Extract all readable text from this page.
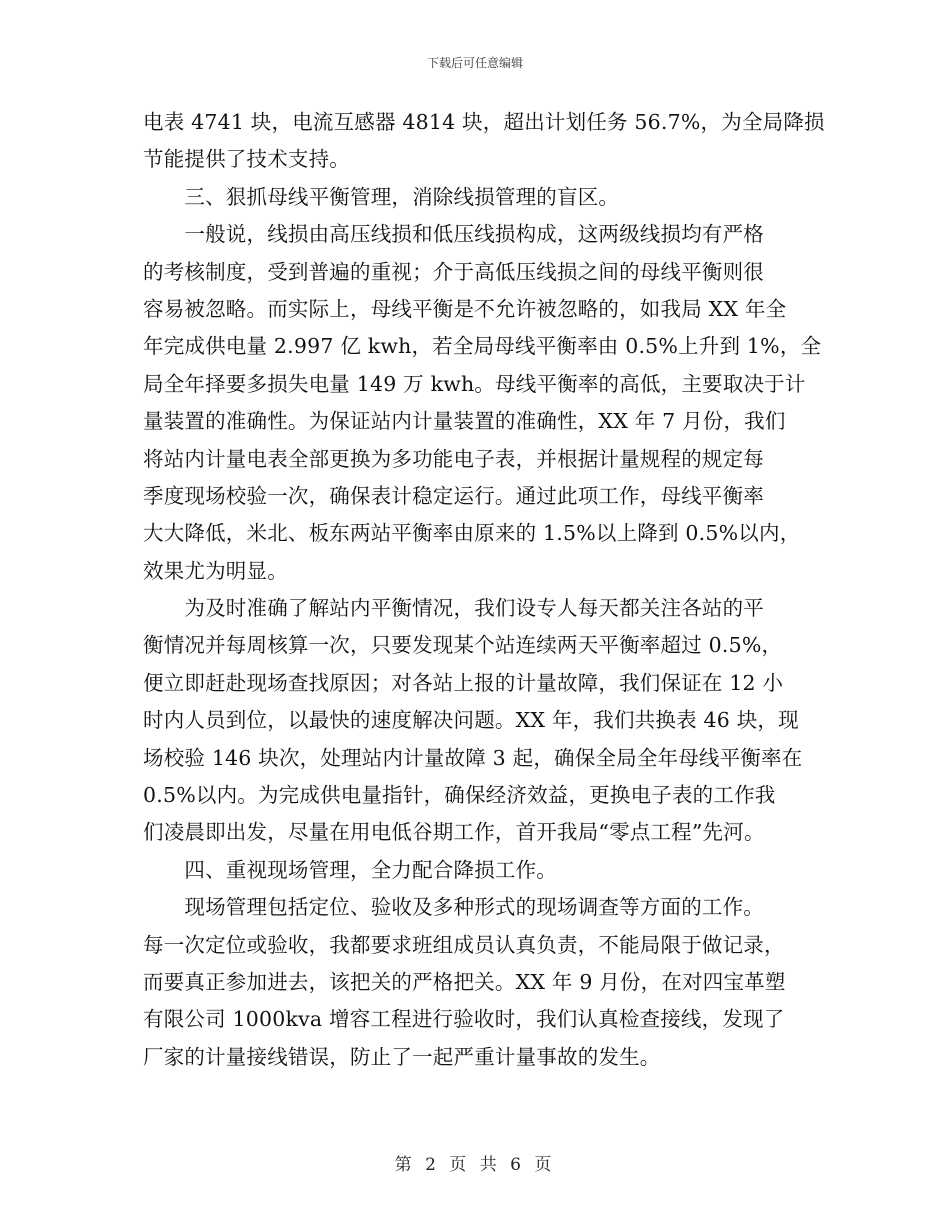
下载后可任意编辑
电表 4741 块，电流互感器 4814 块，超出计划任务 56.7%，为全局降损
节能提供了技术支持。
　　三、狠抓母线平衡管理，消除线损管理的盲区。
　　一般说，线损由高压线损和低压线损构成，这两级线损均有严格
的考核制度，受到普遍的重视；介于高低压线损之间的母线平衡则很
容易被忽略。而实际上，母线平衡是不允许被忽略的，如我局 XX 年全
年完成供电量 2.997 亿 kwh，若全局母线平衡率由 0.5%上升到 1%，全
局全年择要多损失电量 149 万 kwh。母线平衡率的高低，主要取决于计
量装置的准确性。为保证站内计量装置的准确性，XX 年 7 月份，我们
将站内计量电表全部更换为多功能电子表，并根据计量规程的规定每
季度现场校验一次，确保表计稳定运行。通过此项工作，母线平衡率
大大降低，米北、板东两站平衡率由原来的 1.5%以上降到 0.5%以内，
效果尤为明显。
　　为及时准确了解站内平衡情况，我们设专人每天都关注各站的平
衡情况并每周核算一次，只要发现某个站连续两天平衡率超过 0.5%，
便立即赶赴现场查找原因；对各站上报的计量故障，我们保证在 12 小
时内人员到位，以最快的速度解决问题。XX 年，我们共换表 46 块，现
场校验 146 块次，处理站内计量故障 3 起，确保全局全年母线平衡率在
0.5%以内。为完成供电量指针，确保经济效益，更换电子表的工作我
们凌晨即出发，尽量在用电低谷期工作，首开我局“零点工程”先河。
　　四、重视现场管理，全力配合降损工作。
　　现场管理包括定位、验收及多种形式的现场调查等方面的工作。
每一次定位或验收，我都要求班组成员认真负责，不能局限于做记录，
而要真正参加进去，该把关的严格把关。XX 年 9 月份，在对四宝革塑
有限公司 1000kva 增容工程进行验收时，我们认真检查接线，发现了
厂家的计量接线错误，防止了一起严重计量事故的发生。
第 2 页 共 6 页
